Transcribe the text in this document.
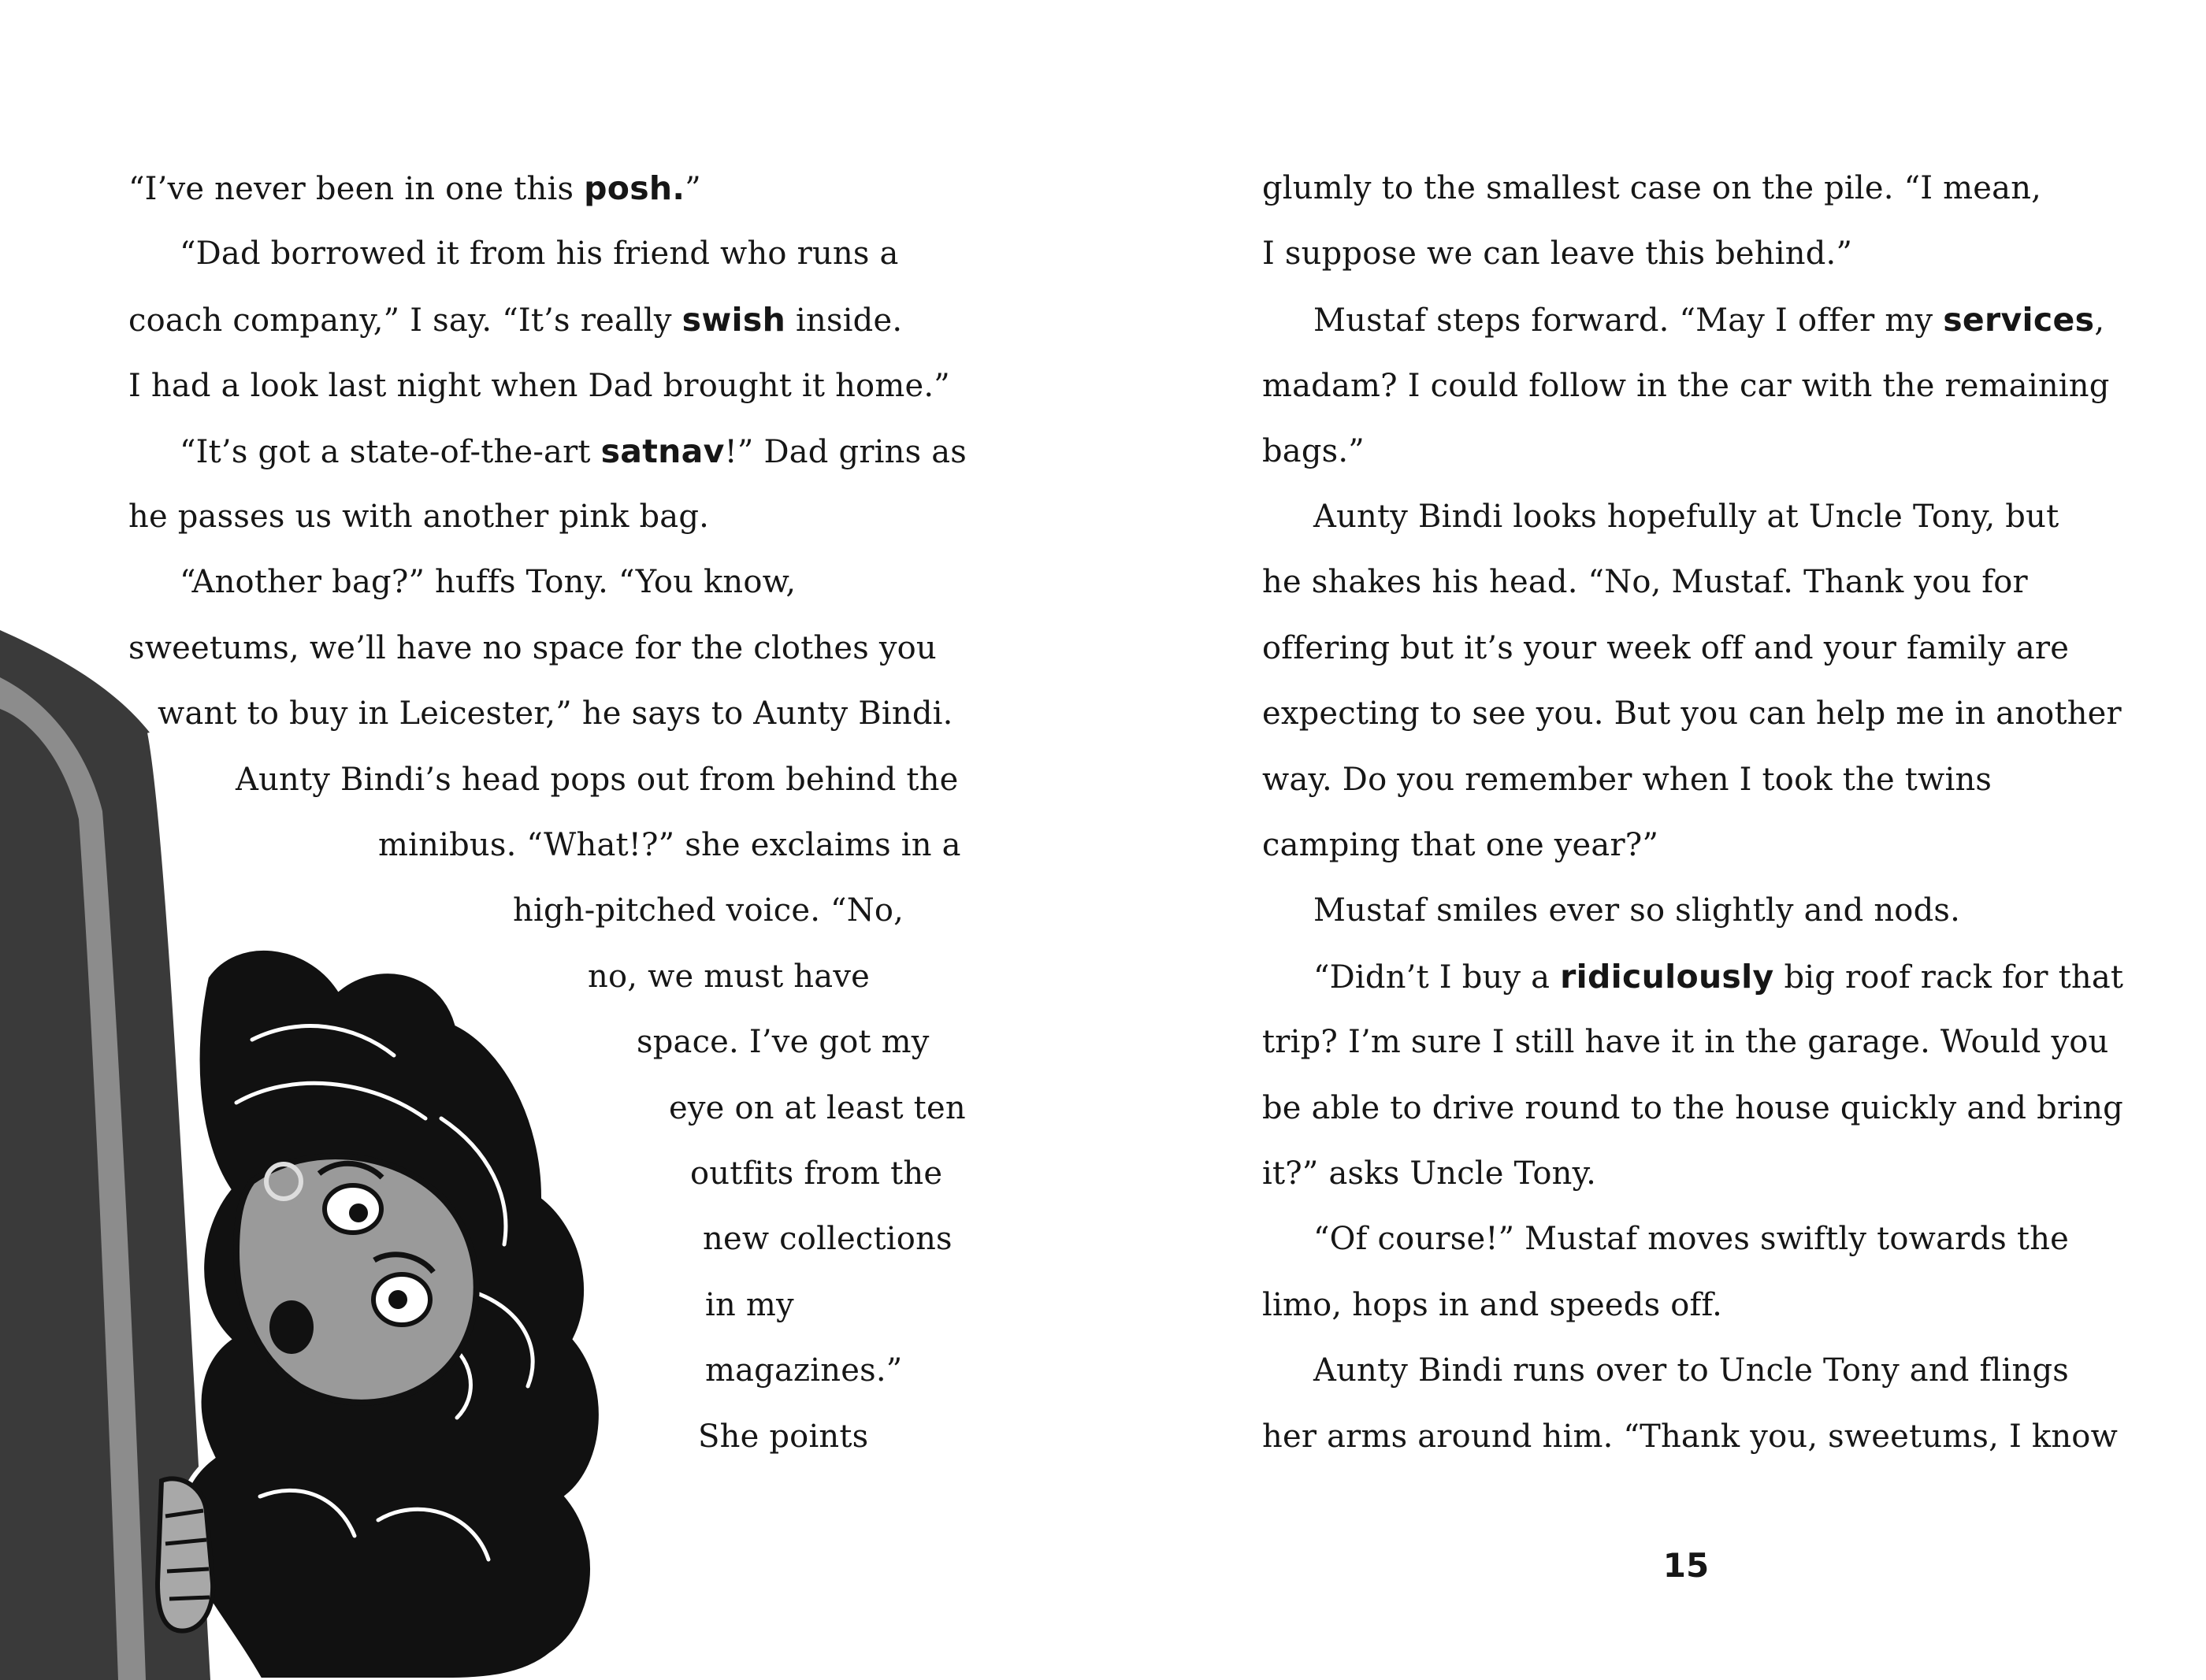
“I’ve never been in one this posh.”

“Dad borrowed it from his friend who runs a

coach company,” I say. “It’s really swish inside.

I had a look last night when Dad brought it home.”

“It’s got a state-of-the-art satnav!” Dad grins as

he passes us with another pink bag.

“Another bag?” huffs Tony. “You know,

sweetums, we’ll have no space for the clothes you

want to buy in Leicester,” he says to Aunty Bindi.

Aunty Bindi’s head pops out from behind the

minibus. “What!?” she exclaims in a

high-pitched voice. “No,

no, we must have

space. I’ve got my

eye on at least ten

outfits from the

new collections

in my

magazines.”

She points

glumly to the smallest case on the pile. “I mean,

I suppose we can leave this behind.”

Mustaf steps forward. “May I offer my services,

madam? I could follow in the car with the remaining

bags.”

Aunty Bindi looks hopefully at Uncle Tony, but

he shakes his head. “No, Mustaf. Thank you for

offering but it’s your week off and your family are

expecting to see you. But you can help me in another

way. Do you remember when I took the twins

camping that one year?”

Mustaf smiles ever so slightly and nods.

“Didn’t I buy a ridiculously big roof rack for that

trip? I’m sure I still have it in the garage. Would you

be able to drive round to the house quickly and bring

it?” asks Uncle Tony.

“Of course!” Mustaf moves swiftly towards the

limo, hops in and speeds off.

Aunty Bindi runs over to Uncle Tony and flings

her arms around him. “Thank you, sweetums, I know

15
